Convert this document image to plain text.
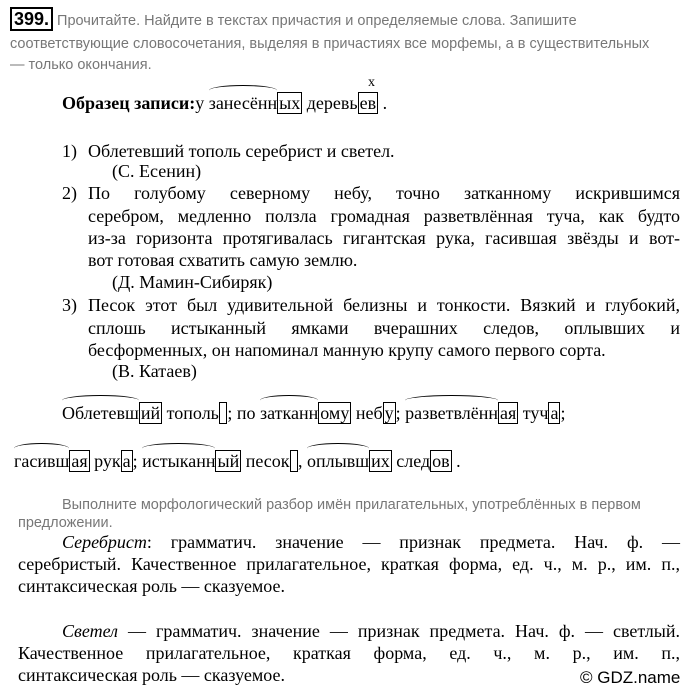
399. Прочитайте. Найдите в текстах причастия и определяемые слова. Запишите
соответствующие словосочетания, выделяя в причастиях все морфемы, а в существительных
— только окончания.
Образец записи:у занесённ ых деревь ев .
x
1) Облетевший тополь серебрист и светел.
(С. Есенин)
2) По голубому северному небу, точно затканному искрившимся
серебром, медленно ползла громадная разветвлённая туча, как будто
из-за горизонта протягивалась гигантская рука, гасившая звёзды и вот-
вот готовая схватить самую землю.
(Д. Мамин-Сибиряк)
3) Песок этот был удивительной белизны и тонкости. Вязкий и глубокий,
сплошь истыканный ямками вчерашних следов, оплывших и
бесформенных, он напоминал манную крупу самого первого сорта.
(В. Катаев)
Облетевш ий тополь ; по затканн ому неб у ; разветвлённ ая туч а ;
гасивш ая рук а ; истыканн ый песок , оплывш их след ов .
Выполните морфологический разбор имён прилагательных, употреблённых в первом
предложении.
Серебрист: грамматич. значение — признак предмета. Нач. ф. —
серебристый. Качественное прилагательное, краткая форма, ед. ч., м. р., им. п.,
синтаксическая роль — сказуемое.
Светел — грамматич. значение — признак предмета. Нач. ф. — светлый.
Качественное прилагательное, краткая форма, ед. ч., м. р., им. п.,
синтаксическая роль — сказуемое.	© GDZ.name
